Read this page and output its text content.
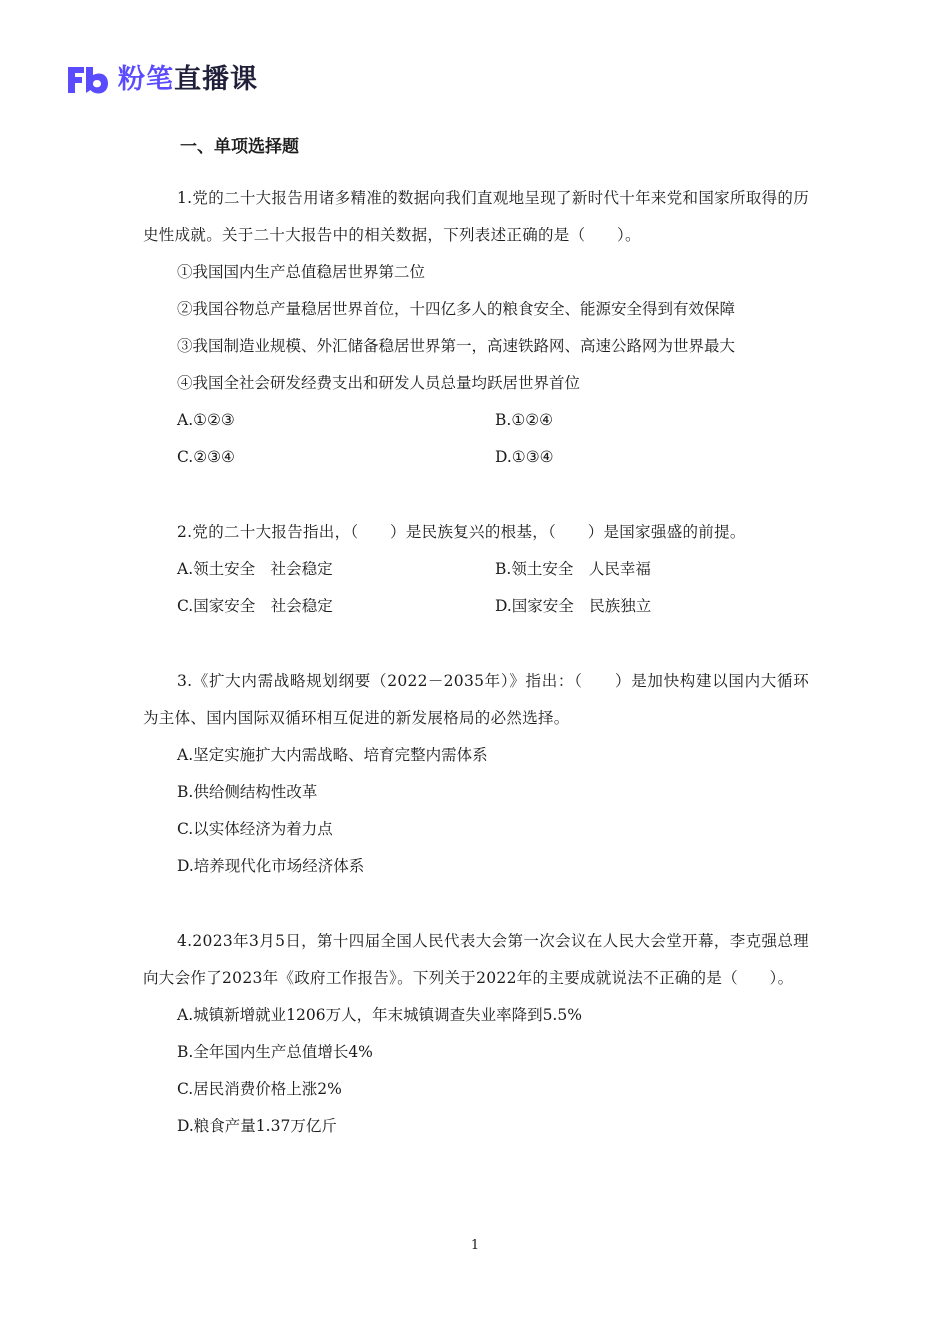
粉笔直播课
一、单项选择题

1.党的二十大报告用诸多精准的数据向我们直观地呈现了新时代十年来党和国家所取得的历史性成就。关于二十大报告中的相关数据，下列表述正确的是（　　）。

①我国国内生产总值稳居世界第二位

②我国谷物总产量稳居世界首位，十四亿多人的粮食安全、能源安全得到有效保障

③我国制造业规模、外汇储备稳居世界第一，高速铁路网、高速公路网为世界最大

④我国全社会研发经费支出和研发人员总量均跃居世界首位

A.①②③	B.①②④
C.②③④	D.①③④

2.党的二十大报告指出，（　　）是民族复兴的根基，（　　）是国家强盛的前提。

A.领土安全　社会稳定	B.领土安全　人民幸福
C.国家安全　社会稳定	D.国家安全　民族独立

3.《扩大内需战略规划纲要（2022－2035年）》指出：（　　）是加快构建以国内大循环为主体、国内国际双循环相互促进的新发展格局的必然选择。

A.坚定实施扩大内需战略、培育完整内需体系
B.供给侧结构性改革
C.以实体经济为着力点
D.培养现代化市场经济体系

4.2023年3月5日，第十四届全国人民代表大会第一次会议在人民大会堂开幕，李克强总理向大会作了2023年《政府工作报告》。下列关于2022年的主要成就说法不正确的是（　　）。

A.城镇新增就业1206万人，年末城镇调查失业率降到5.5%
B.全年国内生产总值增长4%
C.居民消费价格上涨2%
D.粮食产量1.37万亿斤
1
